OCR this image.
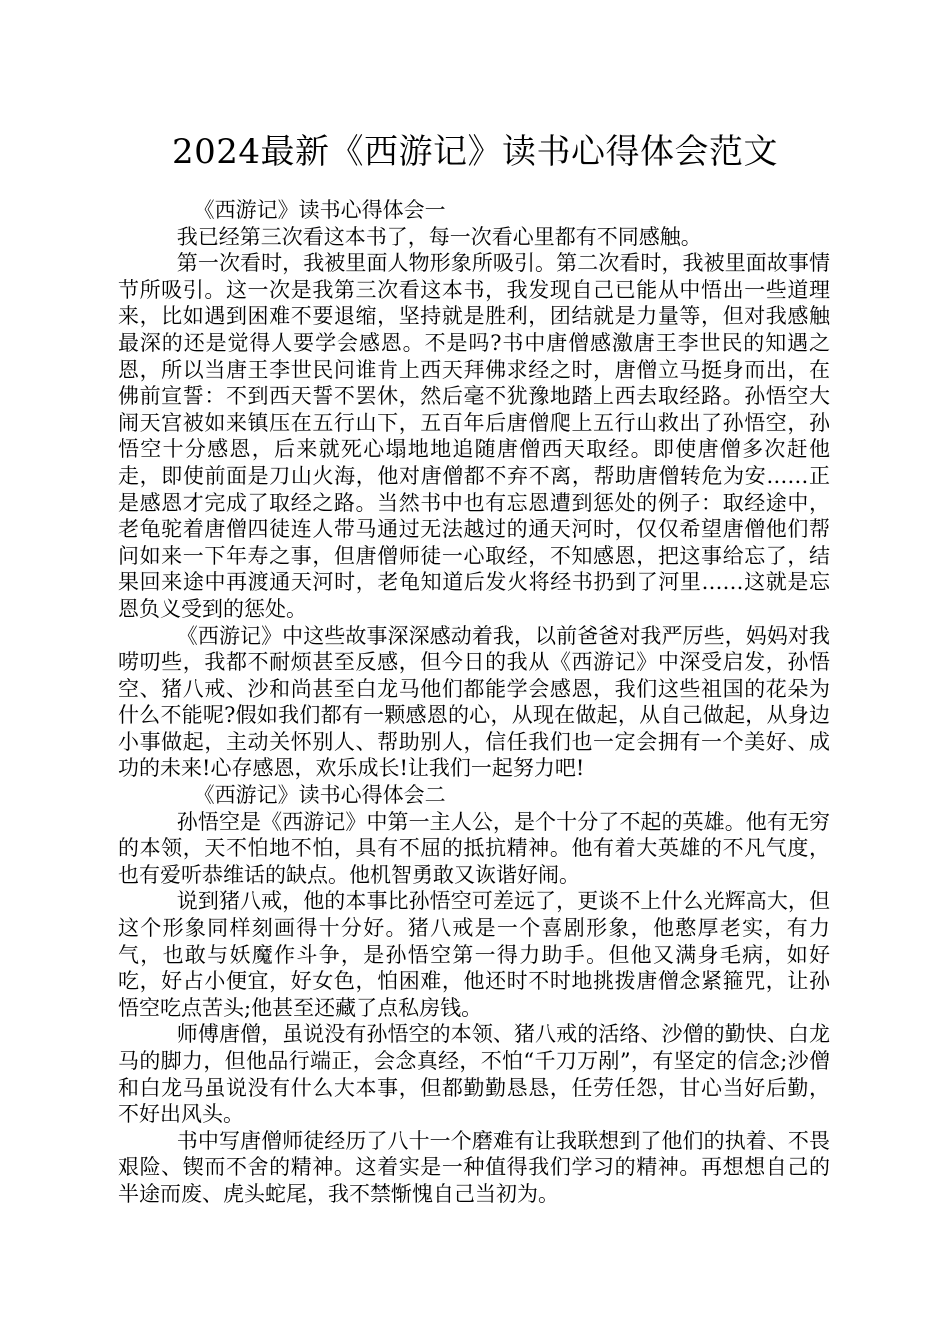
2024最新《西游记》读书心得体会范文

《西游记》读书心得体会一

我已经第三次看这本书了，每一次看心里都有不同感触。

第一次看时，我被里面人物形象所吸引。第二次看时，我被里面故事情节所吸引。这一次是我第三次看这本书，我发现自己已能从中悟出一些道理来，比如遇到困难不要退缩，坚持就是胜利，团结就是力量等，但对我感触最深的还是觉得人要学会感恩。不是吗?书中唐僧感激唐王李世民的知遇之恩，所以当唐王李世民问谁肯上西天拜佛求经之时，唐僧立马挺身而出，在佛前宣誓：不到西天誓不罢休，然后毫不犹豫地踏上西去取经路。孙悟空大闹天宫被如来镇压在五行山下，五百年后唐僧爬上五行山救出了孙悟空，孙悟空十分感恩，后来就死心塌地地追随唐僧西天取经。即使唐僧多次赶他走，即使前面是刀山火海，他对唐僧都不弃不离，帮助唐僧转危为安……正是感恩才完成了取经之路。当然书中也有忘恩遭到惩处的例子：取经途中，老龟驼着唐僧四徒连人带马通过无法越过的通天河时，仅仅希望唐僧他们帮问如来一下年寿之事，但唐僧师徒一心取经，不知感恩，把这事给忘了，结果回来途中再渡通天河时，老龟知道后发火将经书扔到了河里……这就是忘恩负义受到的惩处。

《西游记》中这些故事深深感动着我，以前爸爸对我严厉些，妈妈对我唠叨些，我都不耐烦甚至反感，但今日的我从《西游记》中深受启发，孙悟空、猪八戒、沙和尚甚至白龙马他们都能学会感恩，我们这些祖国的花朵为什么不能呢?假如我们都有一颗感恩的心，从现在做起，从自己做起，从身边小事做起，主动关怀别人、帮助别人，信任我们也一定会拥有一个美好、成功的未来!心存感恩，欢乐成长!让我们一起努力吧!

《西游记》读书心得体会二

孙悟空是《西游记》中第一主人公，是个十分了不起的英雄。他有无穷的本领，天不怕地不怕，具有不屈的抵抗精神。他有着大英雄的不凡气度，也有爱听恭维话的缺点。他机智勇敢又诙谐好闹。

说到猪八戒，他的本事比孙悟空可差远了，更谈不上什么光辉高大，但这个形象同样刻画得十分好。猪八戒是一个喜剧形象，他憨厚老实，有力气，也敢与妖魔作斗争，是孙悟空第一得力助手。但他又满身毛病，如好吃，好占小便宜，好女色，怕困难，他还时不时地挑拨唐僧念紧箍咒，让孙悟空吃点苦头;他甚至还藏了点私房钱。

师傅唐僧，虽说没有孙悟空的本领、猪八戒的活络、沙僧的勤快、白龙马的脚力，但他品行端正，会念真经，不怕“千刀万剐”，有坚定的信念;沙僧和白龙马虽说没有什么大本事，但都勤勤恳恳，任劳任怨，甘心当好后勤，不好出风头。

书中写唐僧师徒经历了八十一个磨难有让我联想到了他们的执着、不畏艰险、锲而不舍的精神。这着实是一种值得我们学习的精神。再想想自己的半途而废、虎头蛇尾，我不禁惭愧自己当初为。
